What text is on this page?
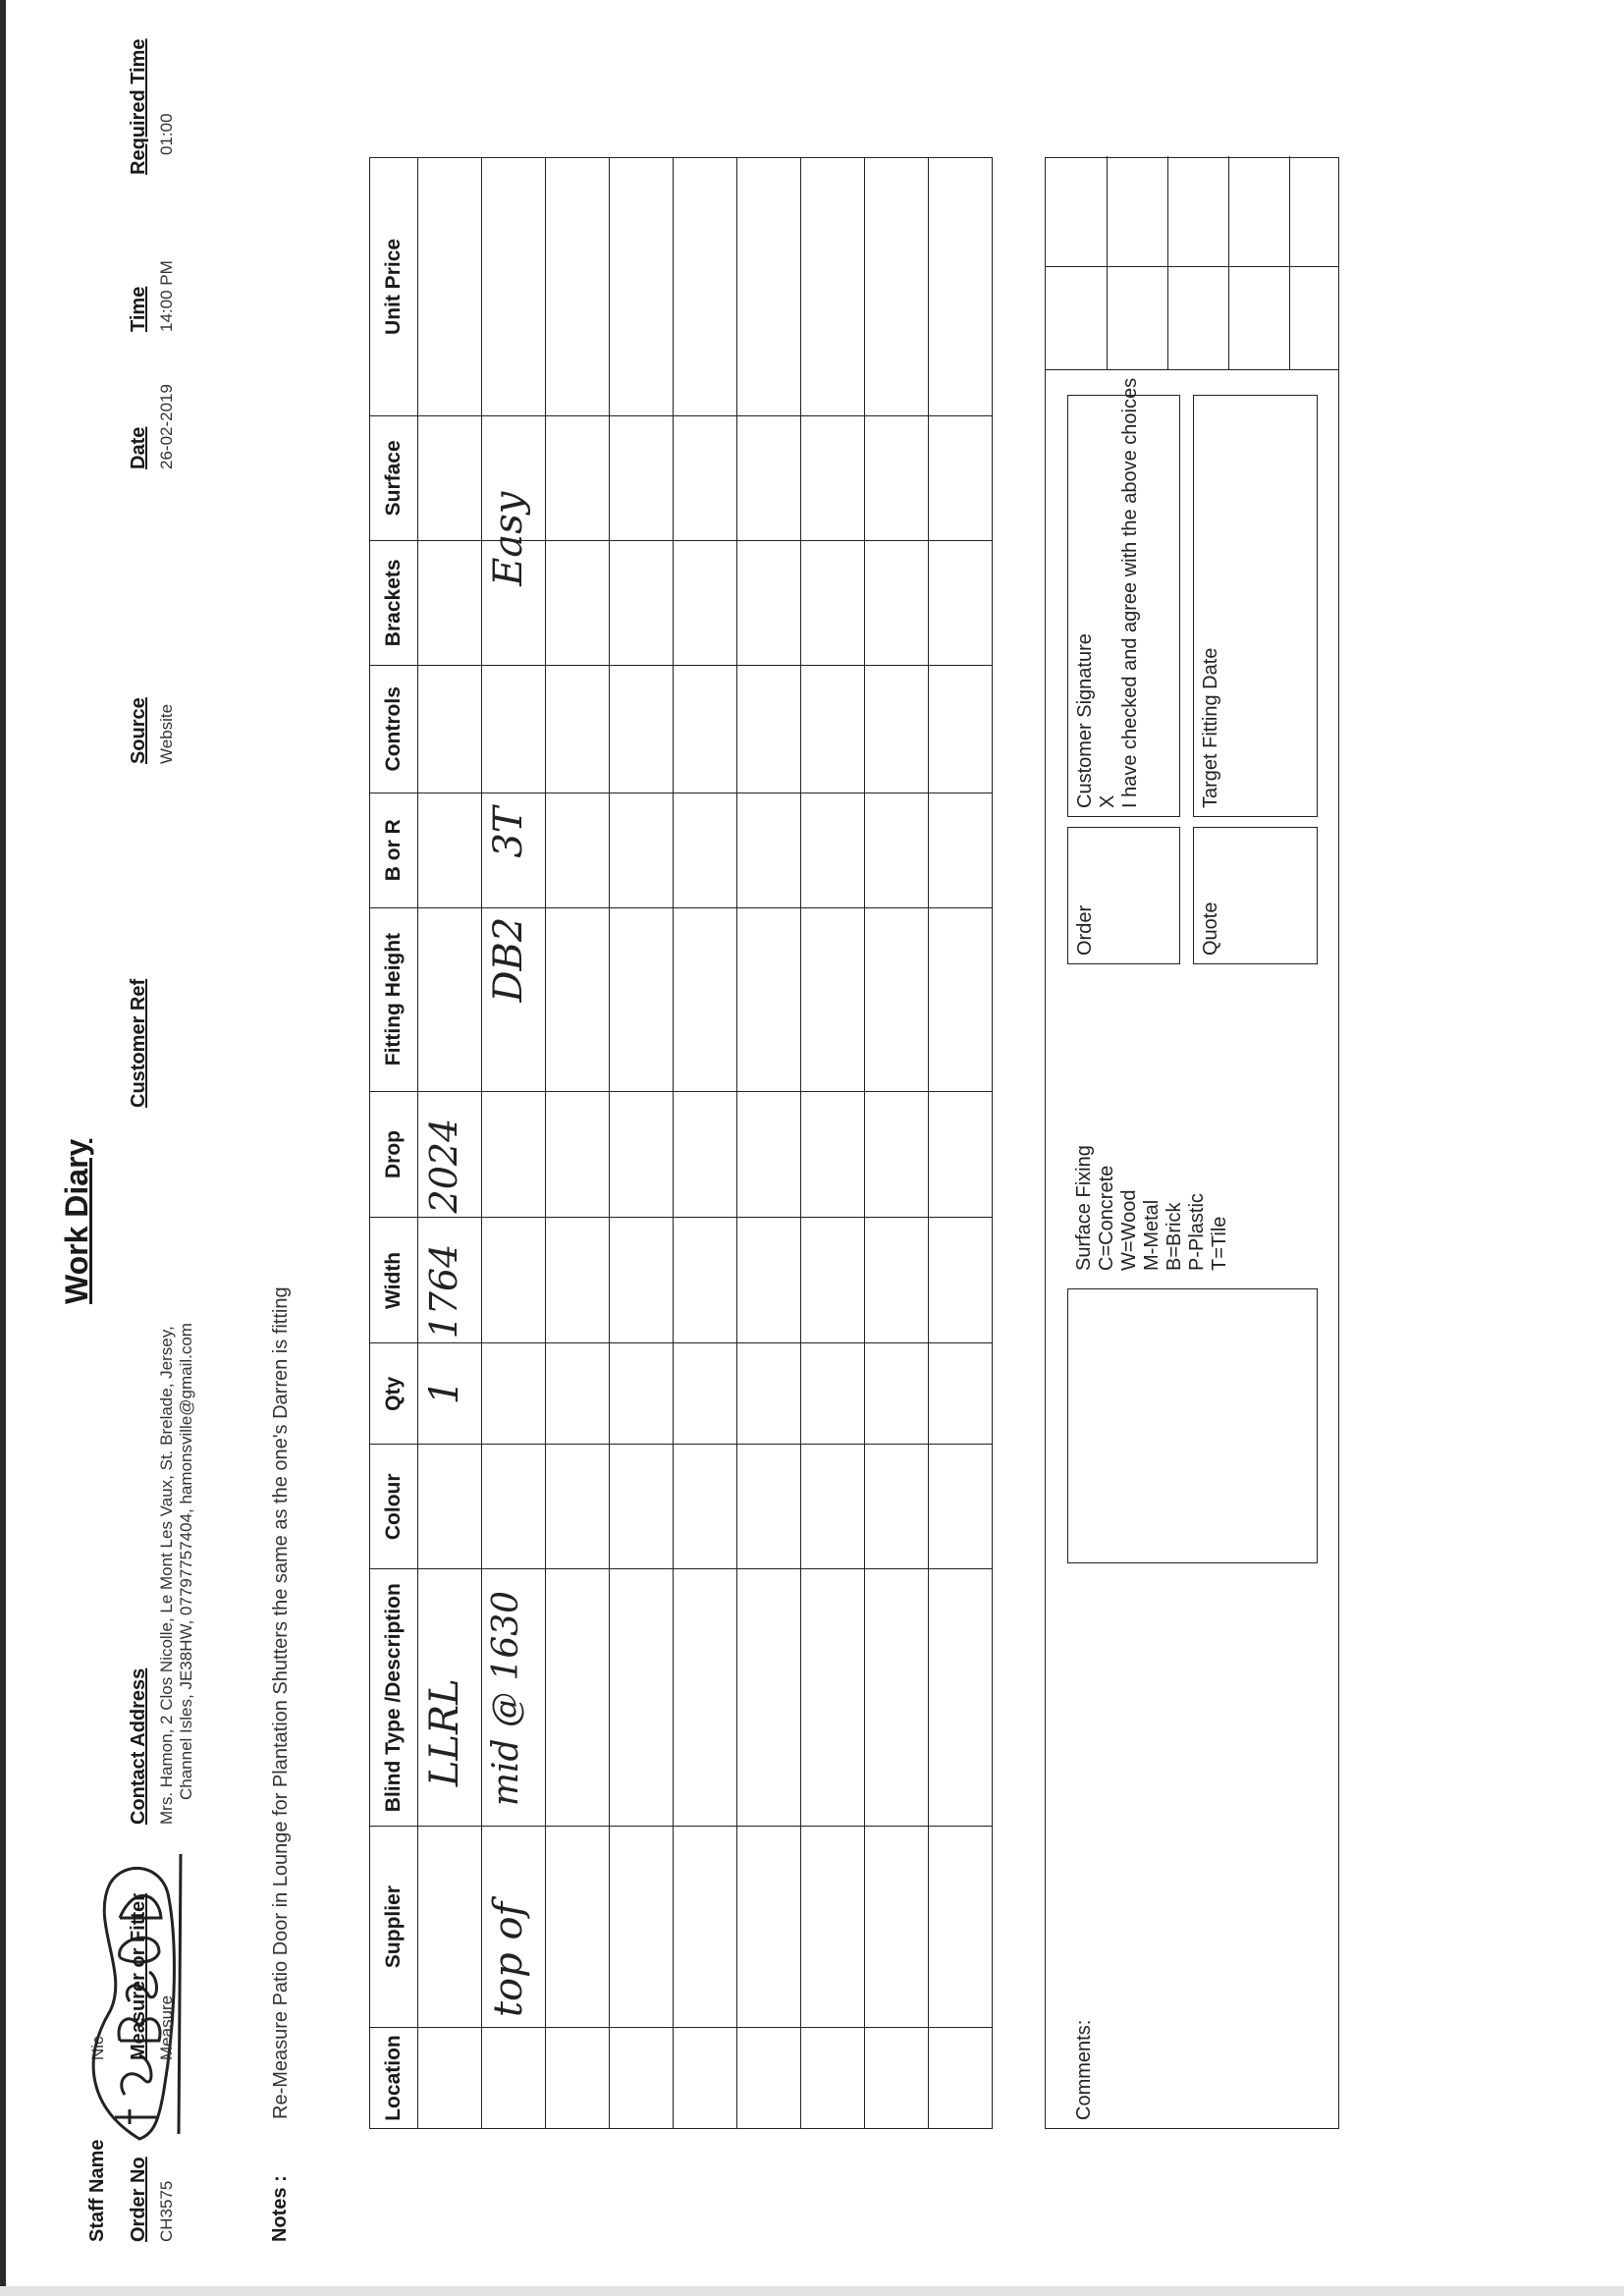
Staff Name
Nic
Work Diary
Order No CH3575
Measurer or Fitter Measure
Contact Address Mrs. Hamon, 2 Clos Nicolle, Le Mont Les Vaux, St. Brelade, Jersey, Channel Isles, JE38HW, 07797757404, hamonsville@gmail.com
Customer Ref
Source Website
Date 26-02-2019
Time 14:00 PM
Required Time 01:00
Notes :
Re-Measure Patio Door in Lounge for Plantation Shutters the same as the one's Darren is fitting	Location	Supplier	Blind Type /Description	Colour	Qty	Width	Drop	Fitting Height	B or R	Controls	Brackets	Surface	Unit Price

		LLRL		1	1764	2024						

	top of	mid @ 1630					DB2	3T		Easy		

Comments:
Surface Fixing C=Concrete W=Wood M-Metal B=Brick P-Plastic T=Tile
Order	Quote
Customer Signature X I have checked and agree with the above choices	Target Fitting Date
